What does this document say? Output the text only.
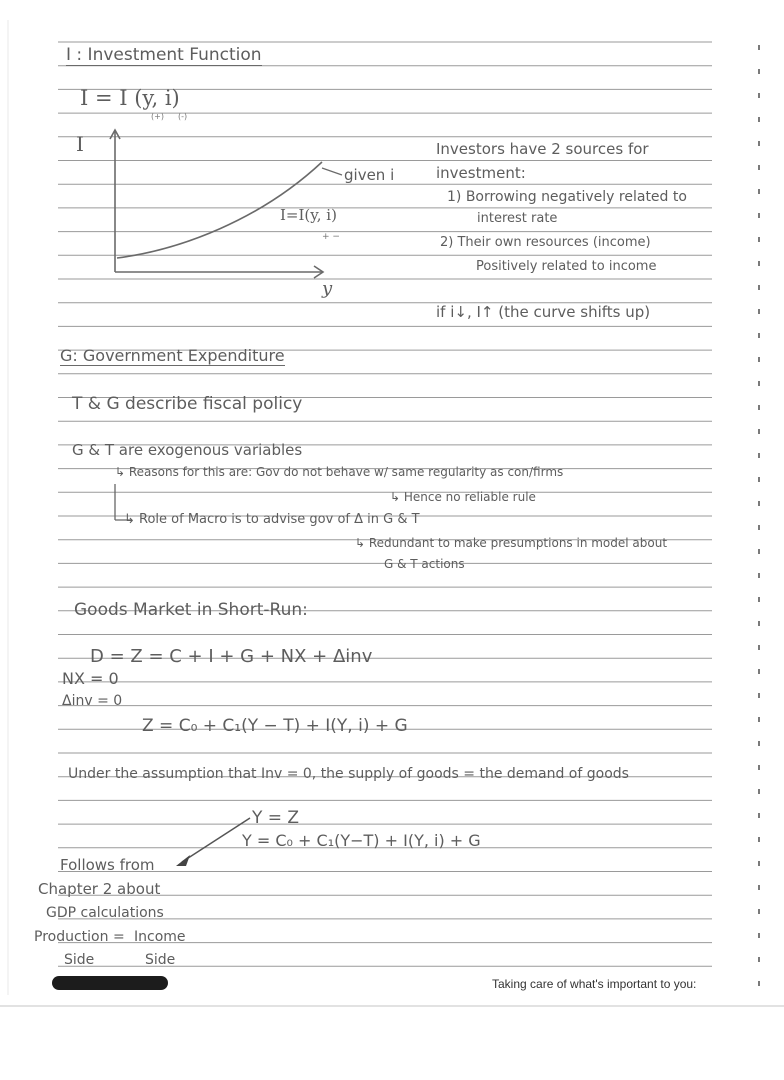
I : Investment Function
I = I (y, i)
(+) (-)
I
y
given i
I=I(y, i)
+ −
Investors have 2 sources for
investment:
1) Borrowing negatively related to
interest rate
2) Their own resources (income)
Positively related to income
if i↓, I↑ (the curve shifts up)
G: Government Expenditure
T & G describe fiscal policy
G & T are exogenous variables
↳ Reasons for this are: Gov do not behave w/ same regularity as con/firms
↳ Hence no reliable rule
↳ Role of Macro is to advise gov of Δ in G & T
↳ Redundant to make presumptions in model about
G & T actions
Goods Market in Short-Run:
D = Z = C + I + G + NX + Δinv
NX = 0
Δinv = 0
Z = C₀ + C₁(Y − T) + I(Y, i) + G
Under the assumption that Inv = 0, the supply of goods = the demand of goods
Y = Z
Y = C₀ + C₁(Y−T) + I(Y, i) + G
Follows from
Chapter 2 about
GDP calculations
Production = Income
Side	Side
Taking care of what's important to you:
